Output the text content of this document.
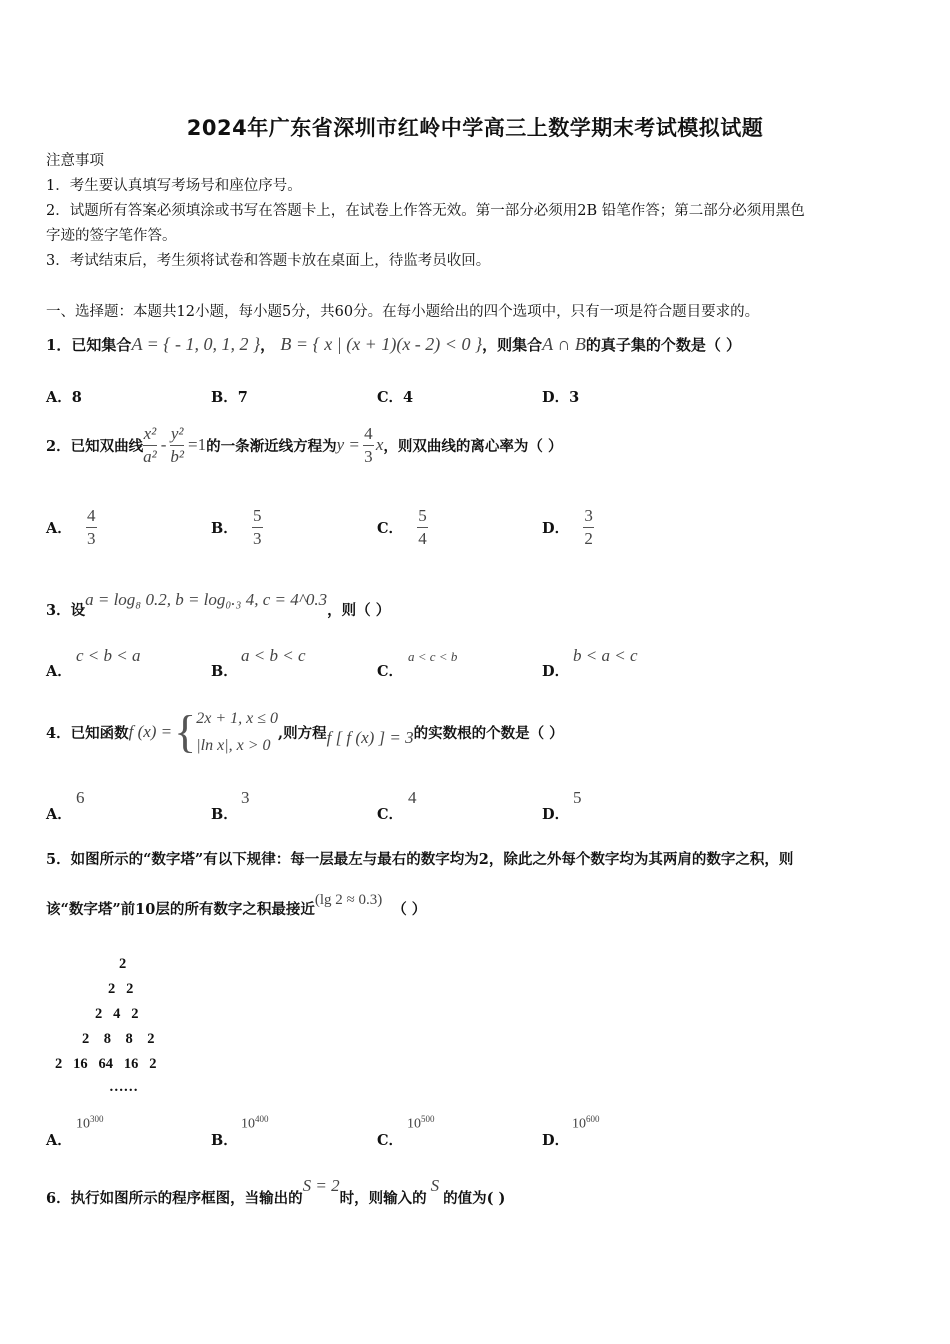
2024年广东省深圳市红岭中学高三上数学期末考试模拟试题
注意事项
1．考生要认真填写考场号和座位序号。
2．试题所有答案必须填涂或书写在答题卡上，在试卷上作答无效。第一部分必须用2B 铅笔作答；第二部分必须用黑色
字迹的签字笔作答。
3．考试结束后，考生须将试卷和答题卡放在桌面上，待监考员收回。
一、选择题：本题共12小题，每小题5分，共60分。在每小题给出的四个选项中，只有一项是符合题目要求的。
1．已知集合A = { - 1, 0, 1, 2 }， B = { x | (x + 1)(x - 2) < 0 }，则集合A ∩ B的真子集的个数是（ ）
A．8	B．7	C．4	D．3
2．已知双曲线 $\frac{\text{x²}}{\text{a²}} - \frac{\text{y²}}{\text{b²}} =1$ 的一条渐近线方程为 $y = \frac{4}{3}$ x ，则双曲线的离心率为（ ）
A． $\frac{4}{3}$	B． $\frac{5}{3}$	C． $\frac{5}{4}$	D． $\frac{3}{2}$
3．设
a = log₈ 0.2, b = log₀.₃ 4, c = 4^0.3
，则（ ）
A．
c < b < a
B．
a < b < c
C．
a < c < b
D．
b < a < c
4．已知函数 f (x) = { 2x + 1, x ≤ 0
|ln x|, x > 0
,则方程 f [ f (x) ] = 3 的实数根的个数是（ ）
A．
6
B．
3
C．
4
D．
5
5．如图所示的“数字塔”有以下规律：每一层最左与最右的数字均为2，除此之外每个数字均为其两肩的数字之积，则
该“数字塔”前10层的所有数字之积最接近
(lg 2 ≈ 0.3)
（ ）
2
2   2
2   4   2
2    8    8    2
2   16   64   16   2
……
A．
$10^{300}$
B．
$10^{400}$
C．
$10^{500}$
D．
$10^{600}$
6．执行如图所示的程序框图，当输出的
S = 2
时，则输入的
S
的值为( )
